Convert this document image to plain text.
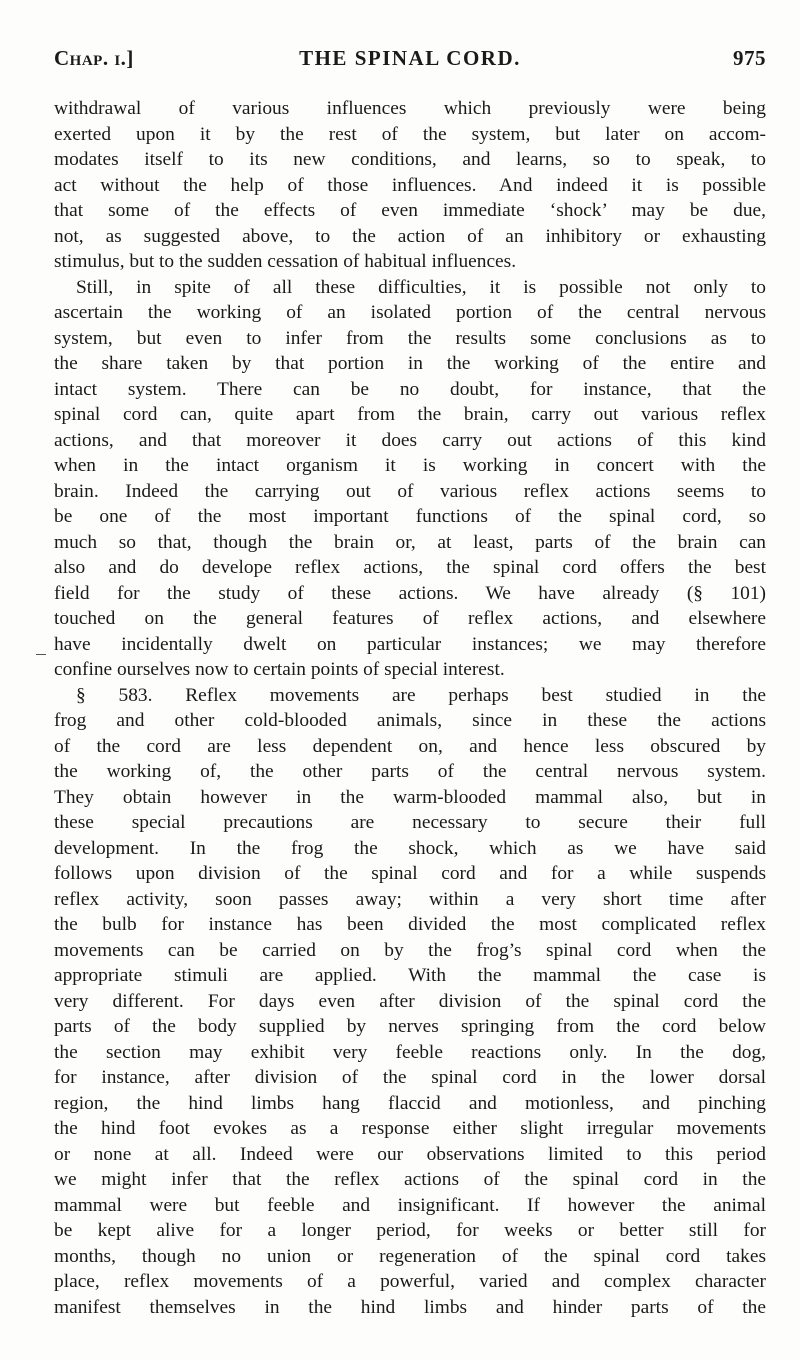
Chap. i.]	THE SPINAL CORD.	975
withdrawal of various influences which previously were being
exerted upon it by the rest of the system, but later on accom-
modates itself to its new conditions, and learns, so to speak, to
act without the help of those influences. And indeed it is possible
that some of the effects of even immediate ‘shock’ may be due,
not, as suggested above, to the action of an inhibitory or exhausting
stimulus, but to the sudden cessation of habitual influences.
Still, in spite of all these difficulties, it is possible not only to
ascertain the working of an isolated portion of the central nervous
system, but even to infer from the results some conclusions as to
the share taken by that portion in the working of the entire and
intact system. There can be no doubt, for instance, that the
spinal cord can, quite apart from the brain, carry out various reflex
actions, and that moreover it does carry out actions of this kind
when in the intact organism it is working in concert with the
brain. Indeed the carrying out of various reflex actions seems to
be one of the most important functions of the spinal cord, so
much so that, though the brain or, at least, parts of the brain can
also and do develope reflex actions, the spinal cord offers the best
field for the study of these actions. We have already (§ 101)
touched on the general features of reflex actions, and elsewhere
have incidentally dwelt on particular instances; we may therefore
confine ourselves now to certain points of special interest.
§ 583. Reflex movements are perhaps best studied in the
frog and other cold-blooded animals, since in these the actions
of the cord are less dependent on, and hence less obscured by
the working of, the other parts of the central nervous system.
They obtain however in the warm-blooded mammal also, but in
these special precautions are necessary to secure their full
development. In the frog the shock, which as we have said
follows upon division of the spinal cord and for a while suspends
reflex activity, soon passes away; within a very short time after
the bulb for instance has been divided the most complicated reflex
movements can be carried on by the frog’s spinal cord when the
appropriate stimuli are applied. With the mammal the case is
very different. For days even after division of the spinal cord the
parts of the body supplied by nerves springing from the cord below
the section may exhibit very feeble reactions only. In the dog,
for instance, after division of the spinal cord in the lower dorsal
region, the hind limbs hang flaccid and motionless, and pinching
the hind foot evokes as a response either slight irregular movements
or none at all. Indeed were our observations limited to this period
we might infer that the reflex actions of the spinal cord in the
mammal were but feeble and insignificant. If however the animal
be kept alive for a longer period, for weeks or better still for
months, though no union or regeneration of the spinal cord takes
place, reflex movements of a powerful, varied and complex character
manifest themselves in the hind limbs and hinder parts of the
